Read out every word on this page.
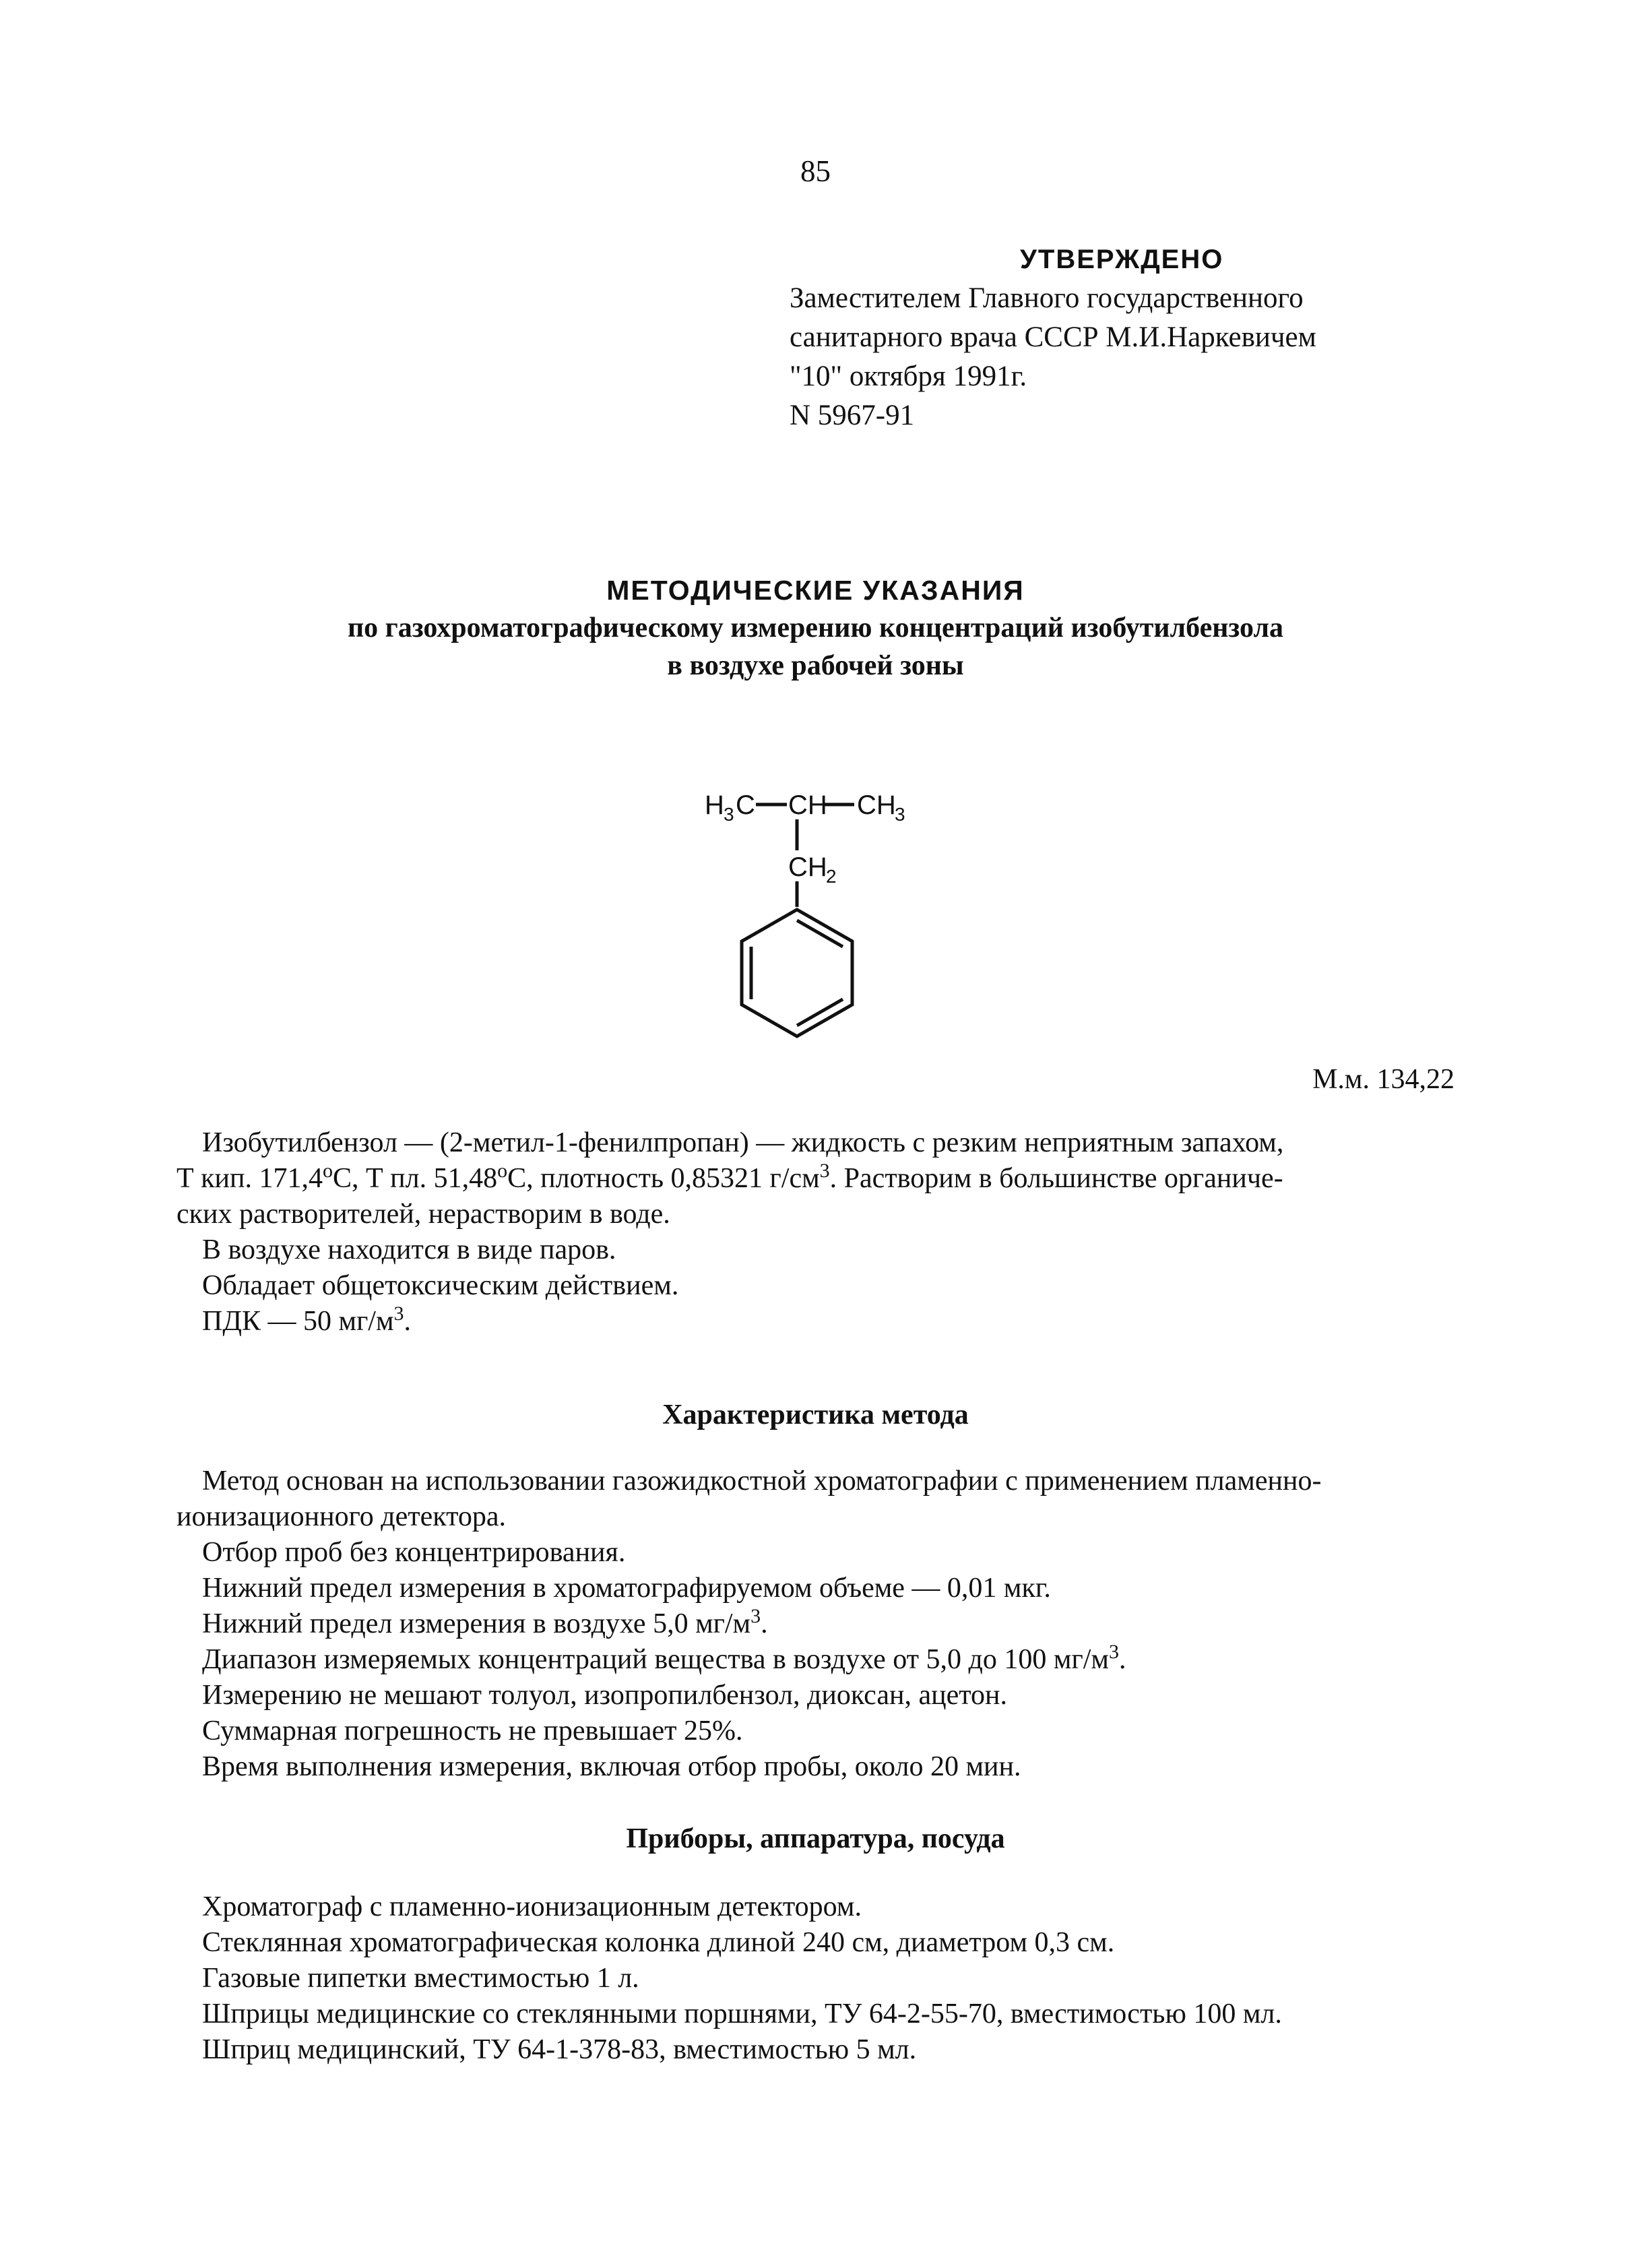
85
УТВЕРЖДЕНО
Заместителем Главного государственного
санитарного врача СССР М.И.Наркевичем
"10" октября 1991г.
N 5967-91
МЕТОДИЧЕСКИЕ УКАЗАНИЯ
по газохроматографическому измерению концентраций изобутилбензола
в воздухе рабочей зоны
H 3 C CH CH
3
CH
2
М.м. 134,22
Изобутилбензол — (2-метил-1-фенилпропан) — жидкость с резким неприятным запахом,
Т кип. $171,4^оС$, Т пл. $51,48^оС$, плотность 0,85321 $г/см^3$. Растворим в большинстве органиче-
ских растворителей, нерастворим в воде.
В воздухе находится в виде паров.
Обладает общетоксическим действием.
ПДК — 50 $мг/м^3$.
Характеристика метода
Метод основан на использовании газожидкостной хроматографии с применением пламенно-
ионизационного детектора.
Отбор проб без концентрирования.
Нижний предел измерения в хроматографируемом объеме — 0,01 мкг.
Нижний предел измерения в воздухе 5,0 $мг/м^3$.
Диапазон измеряемых концентраций вещества в воздухе от 5,0 до 100 $мг/м^3$.
Измерению не мешают толуол, изопропилбензол, диоксан, ацетон.
Суммарная погрешность не превышает 25%.
Время выполнения измерения, включая отбор пробы, около 20 мин.
Приборы, аппаратура, посуда
Хроматограф с пламенно-ионизационным детектором.
Стеклянная хроматографическая колонка длиной 240 см, диаметром 0,3 см.
Газовые пипетки вместимостью 1 л.
Шприцы медицинские со стеклянными поршнями, ТУ 64-2-55-70, вместимостью 100 мл.
Шприц медицинский, ТУ 64-1-378-83, вместимостью 5 мл.
